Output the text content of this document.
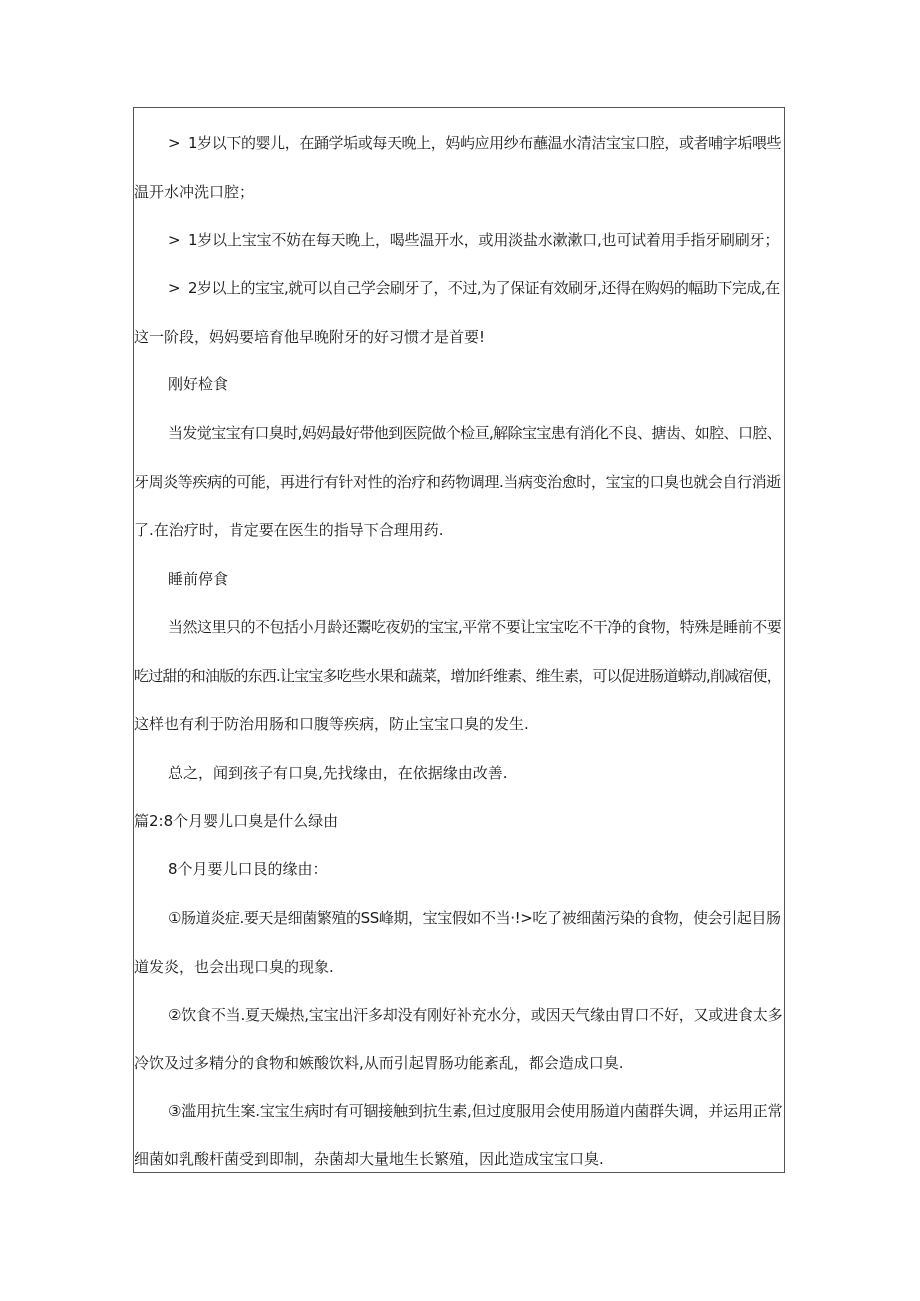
> 1岁以下的婴儿，在踊学垢或每天晚上，妈屿应用纱布蘸温水清洁宝宝口腔，或者哺字垢喂些
温开水冲洗口腔；
> 1岁以上宝宝不妨在每天晚上，喝些温开水，或用淡盐水漱漱口,也可试着用手指牙刷刷牙；
> 2岁以上的宝宝,就可以自己学会刷牙了，不过,为了保证有效刷牙,还得在购妈的幅助下完成,在
这一阶段，妈妈要培育他早晚附牙的好习惯才是首要!
刚好检食
当发觉宝宝有口臭时,妈妈最好带他到医院做个检亘,解除宝宝患有消化不良、搪齿、如腔、口腔、
牙周炎等疾病的可能，再进行有针对性的治疗和药物调理.当病变治愈时，宝宝的口臭也就会自行消逝
了.在治疗时，肯定要在医生的指导下合理用药.
睡前停食
当然这里只的不包括小月龄还鬻吃夜奶的宝宝,平常不要让宝宝吃不干净的食物，特殊是睡前不要
吃过甜的和油版的东西.让宝宝多吃些水果和蔬菜，增加纤维素、维生素，可以促进肠道蟒动,削减宿便，
这样也有利于防治用肠和口腹等疾病，防止宝宝口臭的发生.
总之，闻到孩子有口臭,先找缘由，在依据缘由改善.
篇2:8个月婴儿口臭是什么绿由
8个月要儿口艮的缘由：
①肠道炎症.要天是细菌繁殖的SS峰期，宝宝假如不当·!>吃了被细菌污染的食物，使会引起目肠
道发炎，也会出现口臭的现象.
②饮食不当.夏天燥热,宝宝出汗多却没有刚好补充水分，或因天气缘由胃口不好，又或进食太多
冷饮及过多精分的食物和嫉酸饮料,从而引起胃肠功能紊乱，都会造成口臭.
③滥用抗生案.宝宝生病时有可锢接触到抗生素,但过度服用会使用肠道内菌群失调，并运用正常
细菌如乳酸杆菌受到即制，杂菌却大量地生长繁殖，因此造成宝宝口臭.
